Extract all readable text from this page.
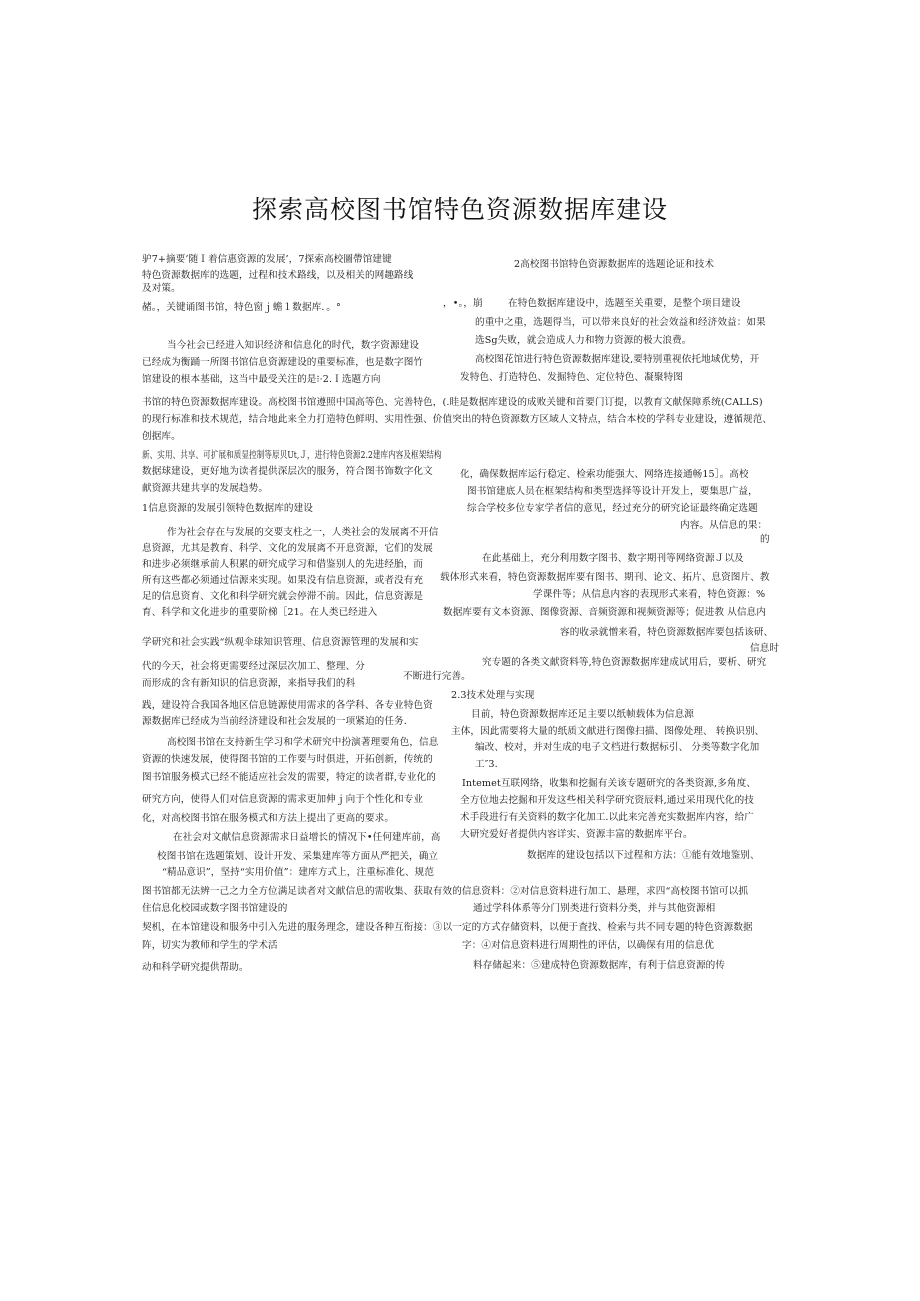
探索高校图书馆特色资源数据库建设
驴7+摘要’随Ｉ着信惠资源的发展’，7探索高校圖帶馆建键
特色资源数据库的选题，过程和技术路线，以及相关的网趣路线
及对策。
赭。，关键诵图书馆，特色窗ｊ蟾１数据库．。°
当今社会已经进入知识经济和信息化的时代，数字资源建设
已经成为衡踊一所图书馆信息资源建设的重要标准，也是数字图竹
馆建设的根本基础，这当中最受关注的是⁝·2.Ｉ选题方向
书馆的特色资源数据库建设。高校图书馆遵照中国高等色、完善特色，(.眭是数据库建设的成败关键和首要门订提，以教育文献保障系统(CALLS)
的现行标准和技术规范，结合地此来全力打造特色鲜明、实用性强、价值突出的特色资源数方区域人文特点，结合本校的学科专业建设，遵循规范、
创据库。
新、实用、共享、可扩展和质显控制等原贝Ut,Ｊ，进行特色资源2.2建库内容及框架结构
数据球建设，更好地为读者提供深层次的服务，符合图书饰数字化文
献资源共建共享的发展趋势。
1信息资源的发展引领特色数据库的建设
作为社会存在与发展的交要支柱之一，人类社会的发展离不开信
息资源，尤其是教育、科学、文化的发展离不开息资源，它们的发展
和进步必须继承前人积累的研究成学习和借鉴别人的先进经胎，而
所有这些都必须通过信源来实现。如果没有信息资源，或者没有充
足的信息资育、文化和科学研究就会停滞不前。因此，信息资源是
育、科学和文化进步的重要阶梯［21。在人类已经进入
学研究和社会实践“纵观伞球知识管理、信息资源管理的发展和实
代的今天，社会将更需要经过深层次加工、整理、分
而形成的含有新知识的信息资源，来指导我们的科
践，建设符合我国各地区信息链源使用需求的各学科、各专业特色资
源数据库已经成为当前经济建设和社会发展的一项紧迫的任务.
高校图书馆在支持新生学习和学术研究中扮演著理要角色，信息
资源的快速发展，使得图书馆的工作要与时俱进，开拓创新，传统的
图书馆服务模式已经不能适应社会发的需要，特定的读者群,专业化的
研究方向，使得人们对信息资源的需求更加伸ｊ向于个性化和专业
化，对高校图书馆在服务模式和方法上提出了更高的要求。
在社会对文献信息资源需求日益增长的情况下•任何建库前，高
校图书馆在选题策划、设计开发、采集建库等方面从严把关，确立
“精品意识”，坚持“实用价值”：建库方式上，注重标准化、规范
图书馆都无法辨一己之力全方位满足读者对文献信息的需收集、获取有效的信息资料：②对信息资料进行加工、悬理，求四“高校图书馆可以抓
住信息化校园或数字图书馆建设的
契机，在本馆建设和服务中引入先进的服务理念，建设各种互衔接：③以一定的方式存储资料，以便于査找、检索与共不同专题的特色资源数据
阵，切实为教师和学生的学术活
动和科学研究提供帮助。
2高校图书馆特色资源数据库的选题论证和技术
，•。，崩	在特色数据库建设中，选题至关重要，是整个项目建设
的重中之重，选题得当，可以带来良好的社会效益和经济效益：如果
选Sg失败，就会造成人力和物力资源的极大浪费。
高校图花馆进行特色资源数据库建设,要特别重视依托地域优势，开
发特色、打造特色、发掘特色、定位特色、凝聚特图
化，确保数据库运行稳定、检索功能强大、网络连接通畅15］。高校
图书馆建底人员在框架结构和类型选择等设计开发上，要集思广益，
综合学校多位专家学者信的意见，经过充分的研究论证最终确定选题
内容。从信息的果：
的
在此基础上，充分利用数字图书、数字期刊等网络资源Ｊ以及
载体形式来看，特色资源数据库要有图书、期刊、论文、拓片、息资图片、教
学课件等；从信息内容的表现形式来看，特色资源：%
数据库要有文本资源、图像资源、音频资源和视频资源等；促进教 从信息内
容的收录就憎来看，特色资源数据库要包括该研、
信息时
究专题的各类文献资料等,特色资源数据库建成试用后，要析、研究
不断进行完善。
2.3技术处理与实现
目前，特色资源数据库还足主要以纸帧载体为信息源
主体，因此需要将大量的纸质文献进行图像扫描、图像处理、 转换识别、
编改、校对，并对生成的电子文档进行数据标引、 分类等数字化加
工″3.
Intemet互联网络，收集和挖掘有关该专题研究的各类资源,多角度、
全方位地去挖掘和开发这些相关科学研究资辰料,通过采用现代化的技
术手段进行有关资料的数字化加工.以此来完善充实数据库内容，给广
大研究爱好者提供内容详实、资源丰富的数据库平台。
数据库的建设包括以下过程和方法：①能有效地鉴别、
通过学科体系等分门别类进行资料分类，并与其他资源相
字：④对信息资料进行周期性的评估，以确保有用的信息优
料存储起来：⑤建成特色资源数据库，有利于信息资源的传
